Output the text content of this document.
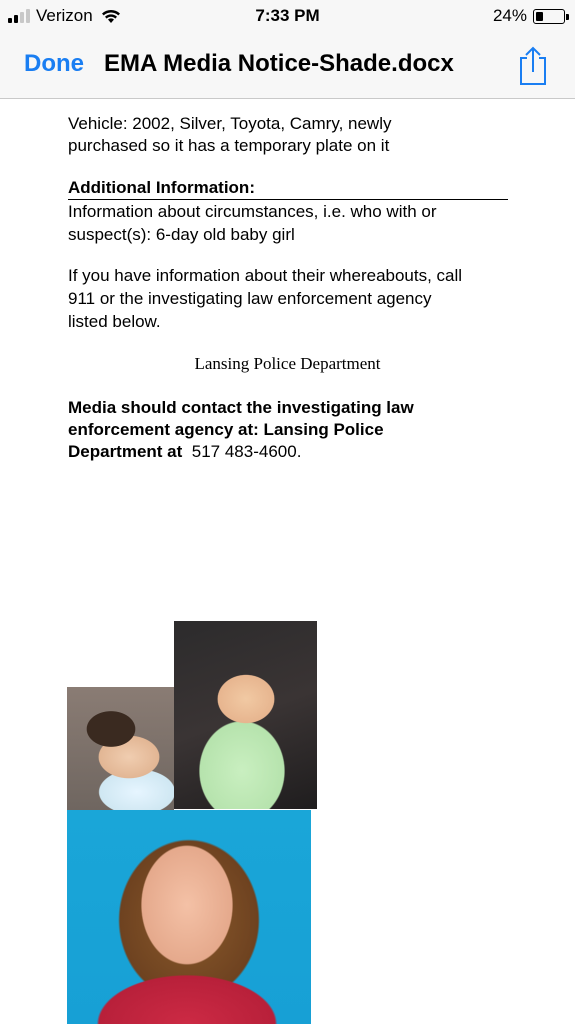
Verizon	7:33 PM	24%
Done EMA Media Notice-Shade.docx
Vehicle: 2002, Silver, Toyota, Camry, newly
purchased so it has a temporary plate on it
Additional Information:
Information about circumstances, i.e. who with or
suspect(s): 6-day old baby girl
If you have information about their whereabouts, call
911 or the investigating law enforcement agency
listed below.
Lansing Police Department
Media should contact the investigating law
enforcement agency at: Lansing Police
Department at 517 483-4600.
